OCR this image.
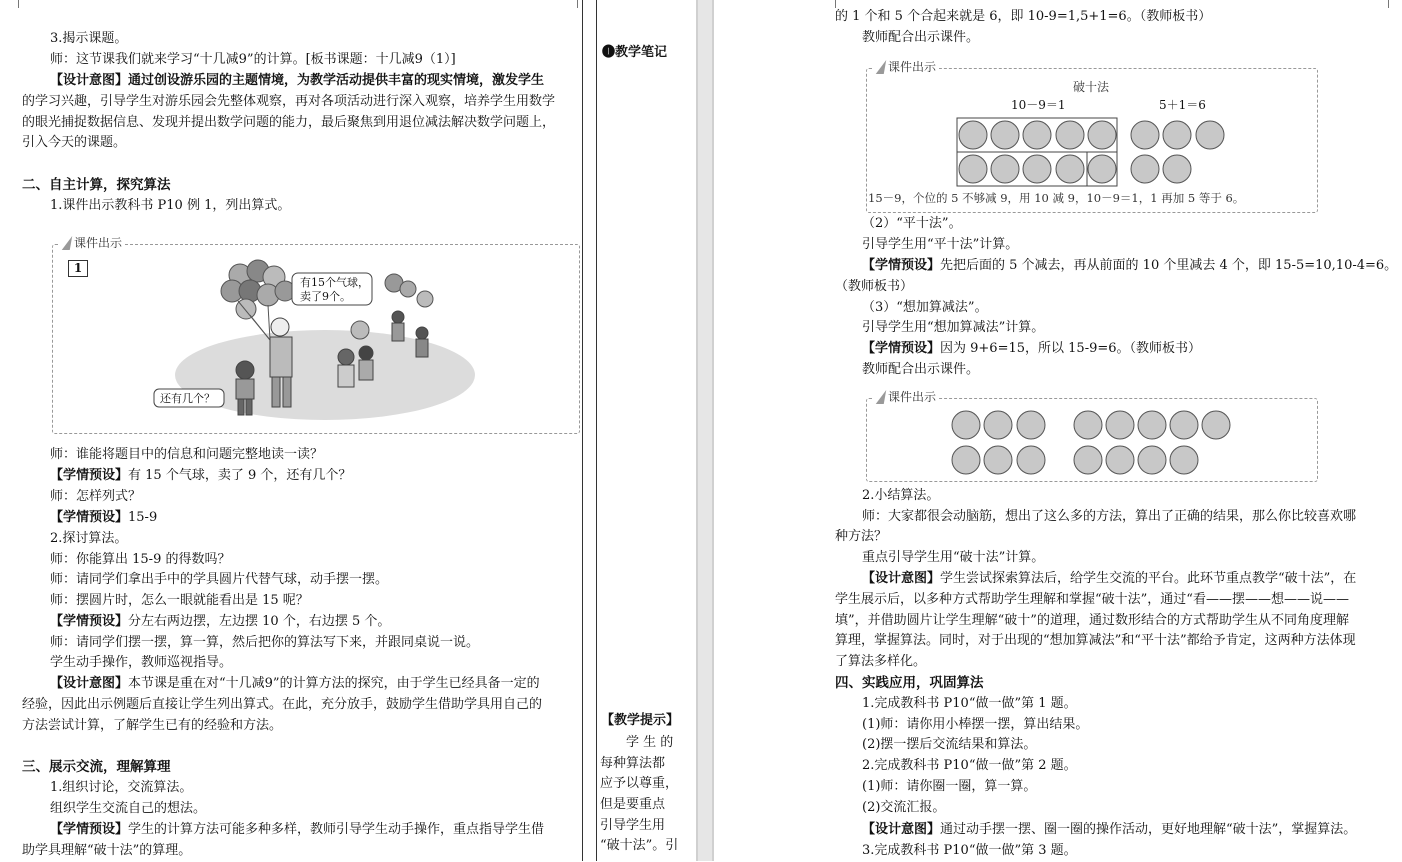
3.揭示课题。
师：这节课我们就来学习“十几减9”的计算。[板书课题：十几减9（1）]
【设计意图】通过创设游乐园的主题情境，为教学活动提供丰富的现实情境，激发学生
的学习兴趣，引导学生对游乐园会先整体观察，再对各项活动进行深入观察，培养学生用数学
的眼光捕捉数据信息、发现并提出数学问题的能力，最后聚焦到用退位减法解决数学问题上，
引入今天的课题。
二、自主计算，探究算法
1.课件出示教科书 P10 例 1，列出算式。
课件出示
1
有15个气球，
卖了9个。
还有几个？
师：谁能将题目中的信息和问题完整地读一读？
【学情预设】有 15 个气球，卖了 9 个，还有几个？
师：怎样列式？
【学情预设】15-9
2.探讨算法。
师：你能算出 15-9 的得数吗？
师：请同学们拿出手中的学具圆片代替气球，动手摆一摆。
师：摆圆片时，怎么一眼就能看出是 15 呢？
【学情预设】分左右两边摆，左边摆 10 个，右边摆 5 个。
师：请同学们摆一摆，算一算，然后把你的算法写下来，并跟同桌说一说。
学生动手操作，教师巡视指导。
【设计意图】本节课是重在对“十几减9”的计算方法的探究，由于学生已经具备一定的
经验，因此出示例题后直接让学生列出算式。在此，充分放手，鼓励学生借助学具用自己的
方法尝试计算，了解学生已有的经验和方法。
三、展示交流，理解算理
1.组织讨论，交流算法。
组织学生交流自己的想法。
【学情预设】学生的计算方法可能多种多样，教师引导学生动手操作，重点指导学生借
助学具理解“破十法”的算理。
❶教学笔记
【教学提示】
学 生 的
每种算法都
应予以尊重，
但是要重点
引导学生用
“破十法”。引
的 1 个和 5 个合起来就是 6，即 10-9=1,5+1=6。（教师板书）
教师配合出示课件。
课件出示
破十法
10－9＝1	5＋1＝6
15－9，个位的 5 不够减 9，用 10 减 9，10－9＝1，1 再加 5 等于 6。
（2）“平十法”。
引导学生用“平十法”计算。
【学情预设】先把后面的 5 个减去，再从前面的 10 个里减去 4 个，即 15-5=10,10-4=6。
（教师板书）
（3）“想加算减法”。
引导学生用“想加算减法”计算。
【学情预设】因为 9+6=15，所以 15-9=6。（教师板书）
教师配合出示课件。
课件出示
2.小结算法。
师：大家都很会动脑筋，想出了这么多的方法，算出了正确的结果，那么你比较喜欢哪
种方法？
重点引导学生用“破十法”计算。
【设计意图】学生尝试探索算法后，给学生交流的平台。此环节重点教学“破十法”，在
学生展示后，以多种方式帮助学生理解和掌握“破十法”，通过“看——摆——想——说——
填”，并借助圆片让学生理解“破十”的道理，通过数形结合的方式帮助学生从不同角度理解
算理，掌握算法。同时，对于出现的“想加算减法”和“平十法”都给予肯定，这两种方法体现
了算法多样化。
四、实践应用，巩固算法
1.完成教科书 P10“做一做”第 1 题。
(1)师：请你用小棒摆一摆，算出结果。
(2)摆一摆后交流结果和算法。
2.完成教科书 P10“做一做”第 2 题。
(1)师：请你圈一圈，算一算。
(2)交流汇报。
【设计意图】通过动手摆一摆、圈一圈的操作活动，更好地理解“破十法”，掌握算法。
3.完成教科书 P10“做一做”第 3 题。
